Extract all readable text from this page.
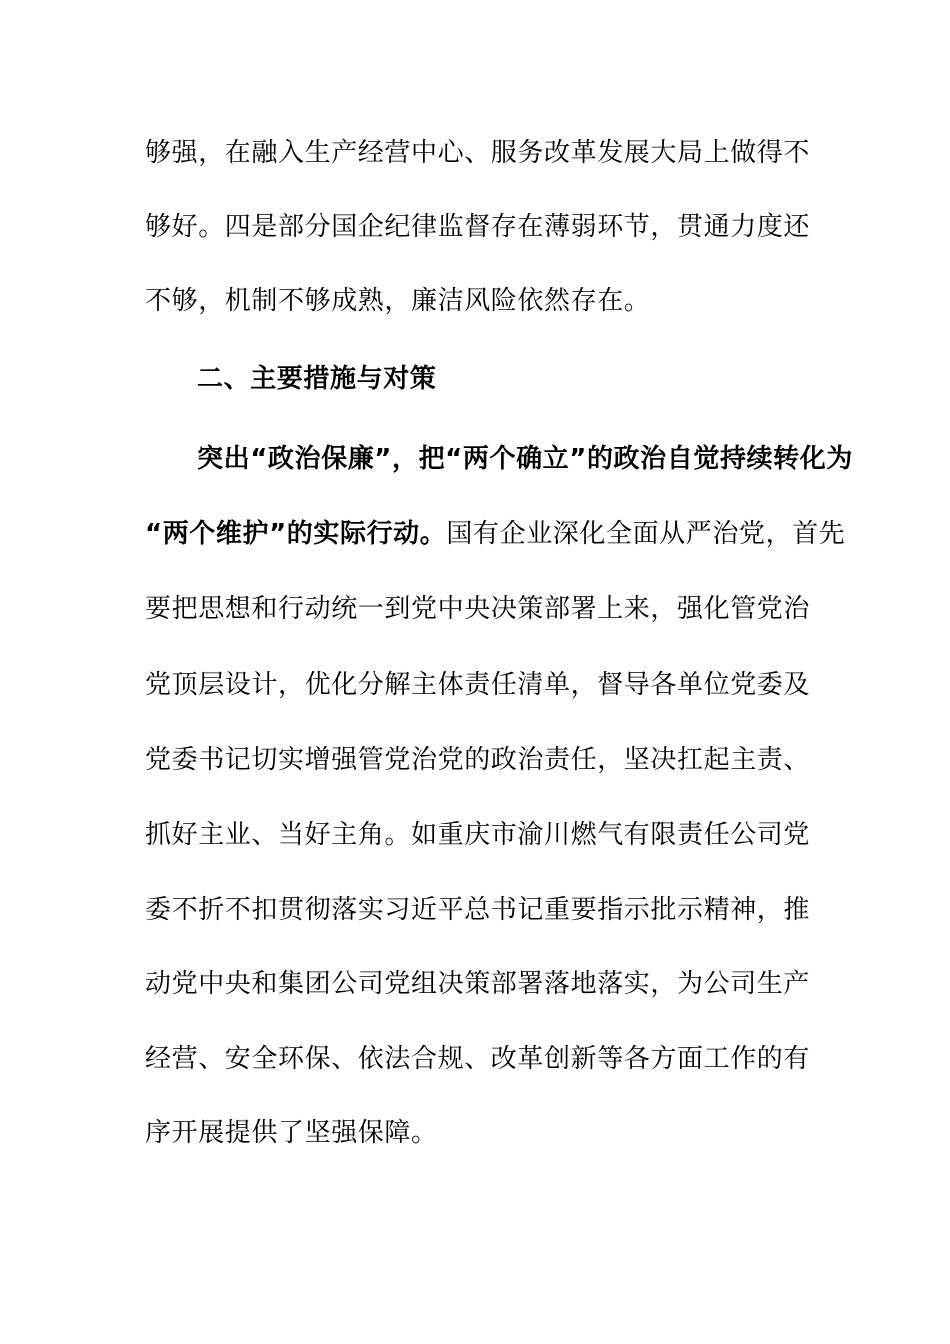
够强，在融入生产经营中心、服务改革发展大局上做得不
够好。四是部分国企纪律监督存在薄弱环节，贯通力度还
不够，机制不够成熟，廉洁风险依然存在。
二、主要措施与对策
突出“政治保廉”，把“两个确立”的政治自觉持续转化为
“两个维护”的实际行动。国有企业深化全面从严治党，首先
要把思想和行动统一到党中央决策部署上来，强化管党治
党顶层设计，优化分解主体责任清单，督导各单位党委及
党委书记切实增强管党治党的政治责任，坚决扛起主责、
抓好主业、当好主角。如重庆市渝川燃气有限责任公司党
委不折不扣贯彻落实习近平总书记重要指示批示精神，推
动党中央和集团公司党组决策部署落地落实，为公司生产
经营、安全环保、依法合规、改革创新等各方面工作的有
序开展提供了坚强保障。
